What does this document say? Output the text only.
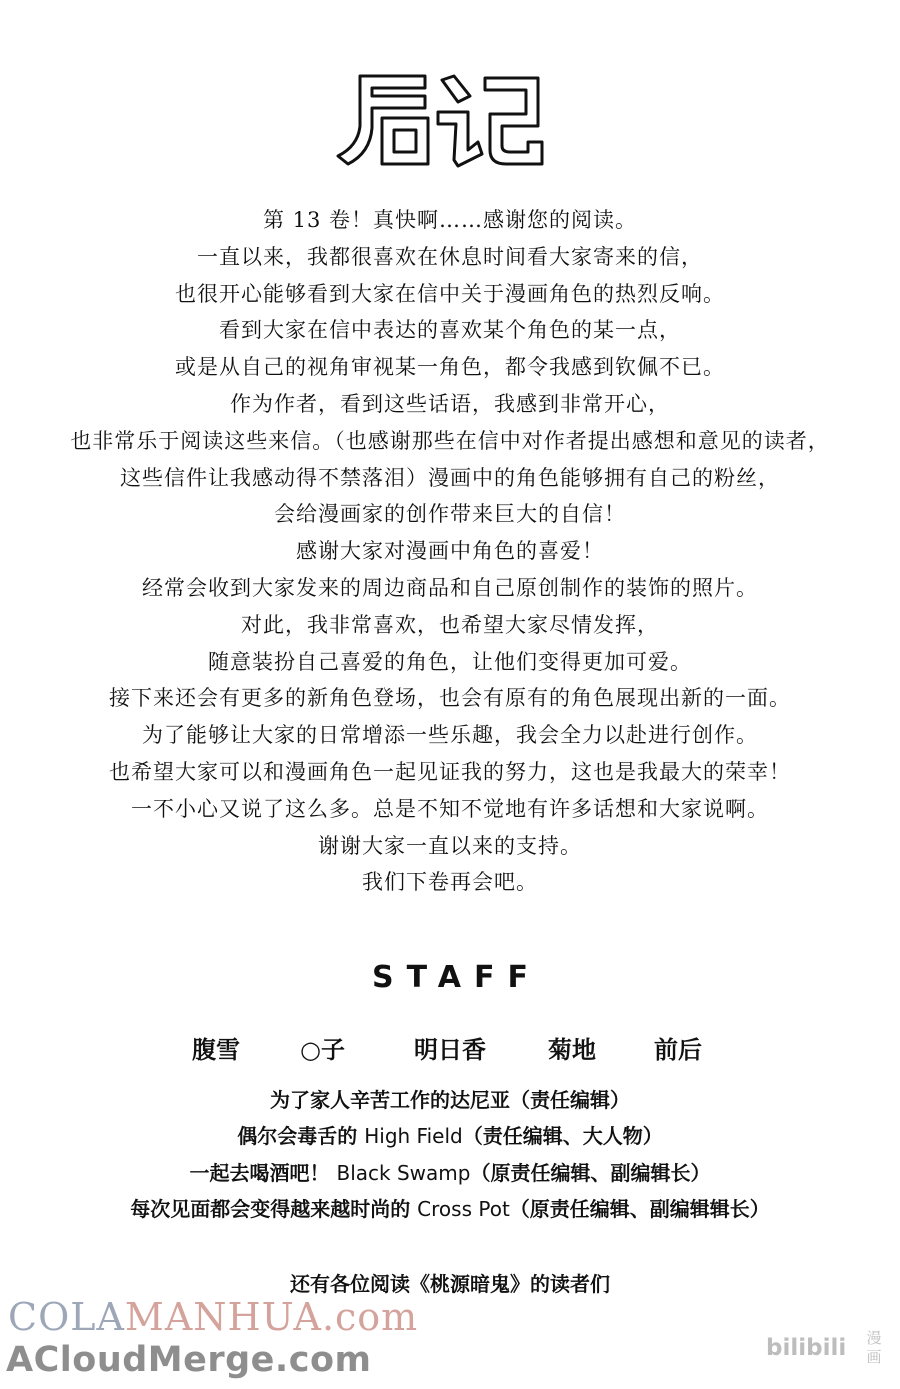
第 13 卷！真快啊……感谢您的阅读。
一直以来，我都很喜欢在休息时间看大家寄来的信，
也很开心能够看到大家在信中关于漫画角色的热烈反响。
看到大家在信中表达的喜欢某个角色的某一点，
或是从自己的视角审视某一角色，都令我感到钦佩不已。
作为作者，看到这些话语，我感到非常开心，
也非常乐于阅读这些来信。（也感谢那些在信中对作者提出感想和意见的读者，
这些信件让我感动得不禁落泪）漫画中的角色能够拥有自己的粉丝，
会给漫画家的创作带来巨大的自信！
感谢大家对漫画中角色的喜爱！
经常会收到大家发来的周边商品和自己原创制作的装饰的照片。
对此，我非常喜欢，也希望大家尽情发挥，
随意装扮自己喜爱的角色，让他们变得更加可爱。
接下来还会有更多的新角色登场，也会有原有的角色展现出新的一面。
为了能够让大家的日常增添一些乐趣，我会全力以赴进行创作。
也希望大家可以和漫画角色一起见证我的努力，这也是我最大的荣幸！
一不小心又说了这么多。总是不知不觉地有许多话想和大家说啊。
谢谢大家一直以来的支持。
我们下卷再会吧。
STAFF
腹雪	○子	明日香	菊地 前后
为了家人辛苦工作的达尼亚（责任编辑）
偶尔会毒舌的 High Field（责任编辑、大人物）
一起去喝酒吧！ Black Swamp（原责任编辑、副编辑长）
每次见面都会变得越来越时尚的 Cross Pot（原责任编辑、副编辑辑长）
还有各位阅读《桃源暗鬼》的读者们
COLAMANHUA.com
ACloudMerge.com	bilibili	漫画
